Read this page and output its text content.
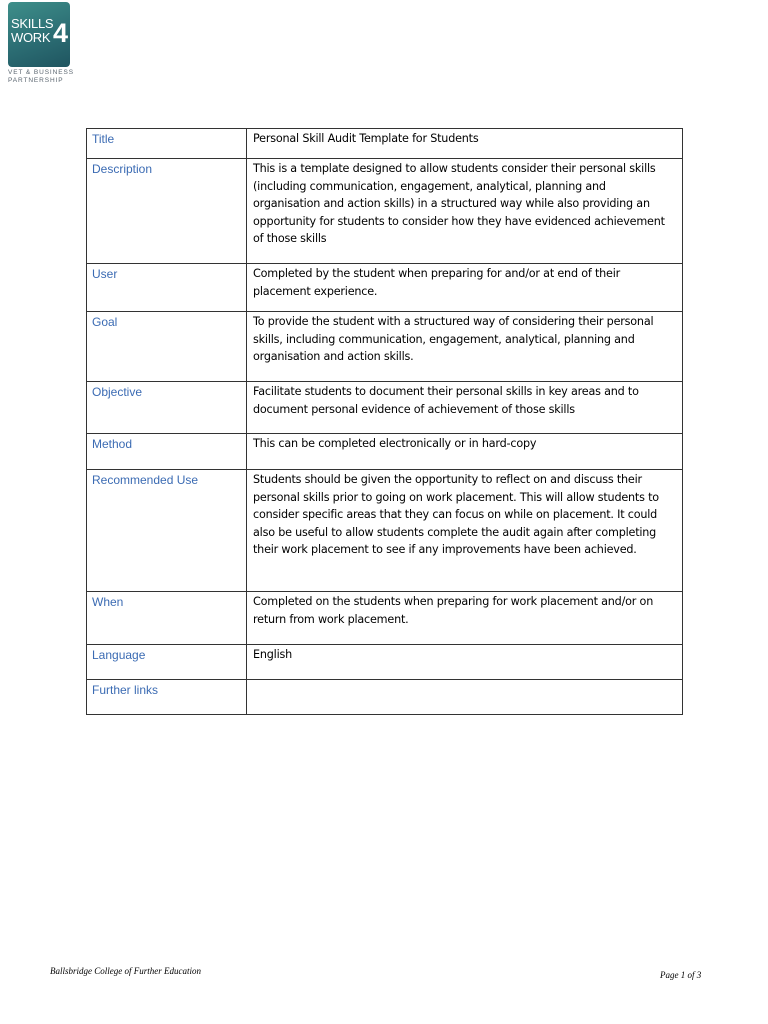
SKILLS
WORK 4
VET & BUSINESS
PARTNERSHIP
Title	Personal Skill Audit Template for Students
Description	This is a template designed to allow students consider their personal skills (including communication, engagement, analytical, planning and organisation and action skills) in a structured way while also providing an opportunity for students to consider how they have evidenced achievement of those skills
User	Completed by the student when preparing for and/or at end of their placement experience.
Goal	To provide the student with a structured way of considering their personal skills, including communication, engagement, analytical, planning and organisation and action skills.
Objective	Facilitate students to document their personal skills in key areas and to document personal evidence of achievement of those skills
Method	This can be completed electronically or in hard-copy
Recommended Use	Students should be given the opportunity to reflect on and discuss their personal skills prior to going on work placement. This will allow students to consider specific areas that they can focus on while on placement. It could also be useful to allow students complete the audit again after completing their work placement to see if any improvements have been achieved.
When	Completed on the students when preparing for work placement and/or on return from work placement.
Language	English
Further links	
Ballsbridge College of Further Education	Page 1 of 3
